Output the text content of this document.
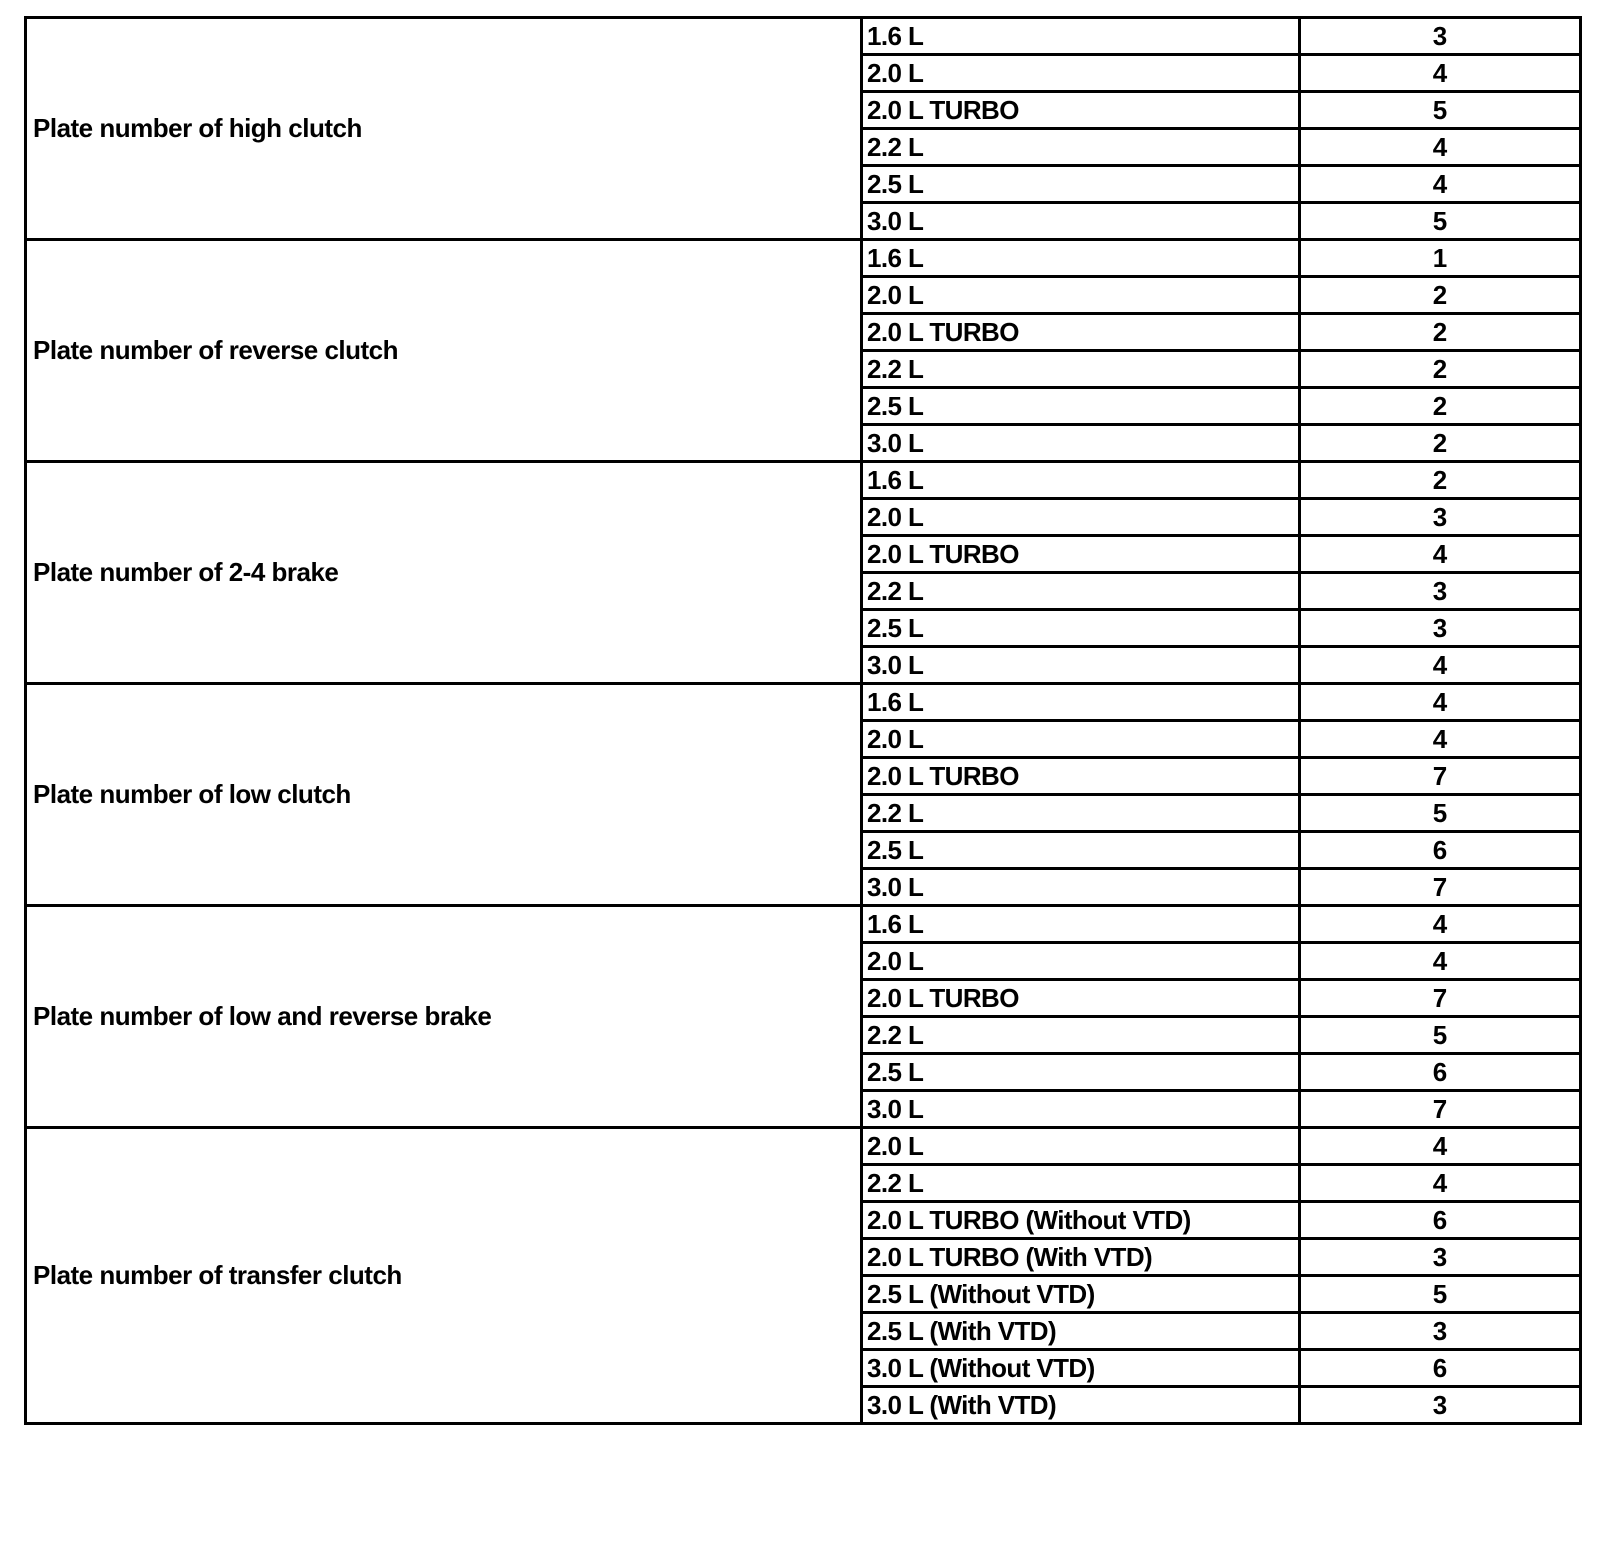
Plate number of high clutch	1.6 L	3
	2.0 L	4
	2.0 L TURBO	5
	2.2 L	4
	2.5 L	4
	3.0 L	5
Plate number of reverse clutch	1.6 L	1
	2.0 L	2
	2.0 L TURBO	2
	2.2 L	2
	2.5 L	2
	3.0 L	2
Plate number of 2-4 brake	1.6 L	2
	2.0 L	3
	2.0 L TURBO	4
	2.2 L	3
	2.5 L	3
	3.0 L	4
Plate number of low clutch	1.6 L	4
	2.0 L	4
	2.0 L TURBO	7
	2.2 L	5
	2.5 L	6
	3.0 L	7
Plate number of low and reverse brake	1.6 L	4
	2.0 L	4
	2.0 L TURBO	7
	2.2 L	5
	2.5 L	6
	3.0 L	7
Plate number of transfer clutch	2.0 L	4
	2.2 L	4
	2.0 L TURBO (Without VTD)	6
	2.0 L TURBO (With VTD)	3
	2.5 L (Without VTD)	5
	2.5 L (With VTD)	3
	3.0 L (Without VTD)	6
	3.0 L (With VTD)	3
